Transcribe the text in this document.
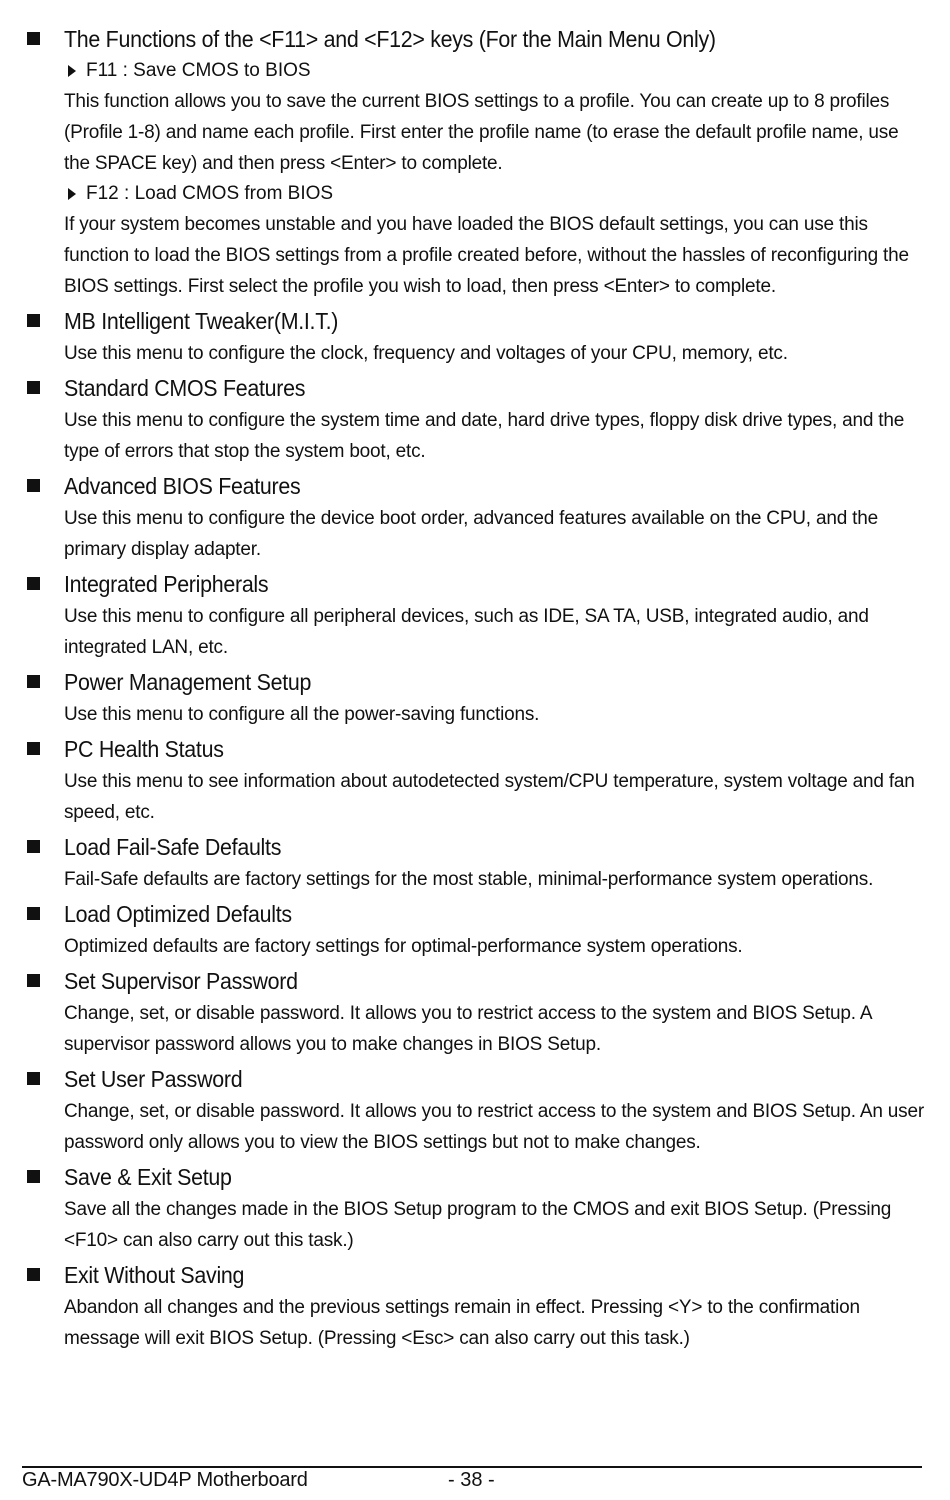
The Functions of the <F11> and <F12> keys (For the Main Menu Only)
F11 : Save CMOS to BIOS
This function allows you to save the current BIOS settings to a profile. You can create up to 8 profiles (Profile 1-8) and name each profile. First enter the profile name (to erase the default profile name, use the SPACE key) and then press <Enter> to complete.
F12 : Load CMOS from BIOS
If your system becomes unstable and you have loaded the BIOS default settings, you can use this function to load the BIOS settings from a profile created before, without the hassles of reconfiguring the BIOS settings. First select the profile you wish to load, then press <Enter> to complete.
MB Intelligent Tweaker(M.I.T.)
Use this menu to configure the clock, frequency and voltages of your CPU, memory, etc.
Standard CMOS Features
Use this menu to configure the system time and date, hard drive types, floppy disk drive types, and the type of errors that stop the system boot, etc.
Advanced BIOS Features
Use this menu to configure the device boot order, advanced features available on the CPU, and the primary display adapter.
Integrated Peripherals
Use this menu to configure all peripheral devices, such as IDE, SA TA, USB, integrated audio, and integrated LAN, etc.
Power Management Setup
Use this menu to configure all the power-saving functions.
PC Health Status
Use this menu to see information about autodetected system/CPU temperature, system voltage and fan speed, etc.
Load Fail-Safe Defaults
Fail-Safe defaults are factory settings for the most stable, minimal-performance system operations.
Load Optimized Defaults
Optimized defaults are factory settings for optimal-performance system operations.
Set Supervisor Password
Change, set, or disable password. It allows you to restrict access to the system and BIOS Setup. A supervisor password allows you to make changes in BIOS Setup.
Set User Password
Change, set, or disable password. It allows you to restrict access to the system and BIOS Setup. An user password only allows you to view the BIOS settings but not to make changes.
Save & Exit Setup
Save all the changes made in the BIOS Setup program to the CMOS and exit BIOS Setup. (Pressing <F10> can also carry out this task.)
Exit Without Saving
Abandon all changes and the previous settings remain in effect. Pressing <Y> to the confirmation message will exit BIOS Setup. (Pressing <Esc> can also carry out this task.)
GA-MA790X-UD4P Motherboard	- 38 -
